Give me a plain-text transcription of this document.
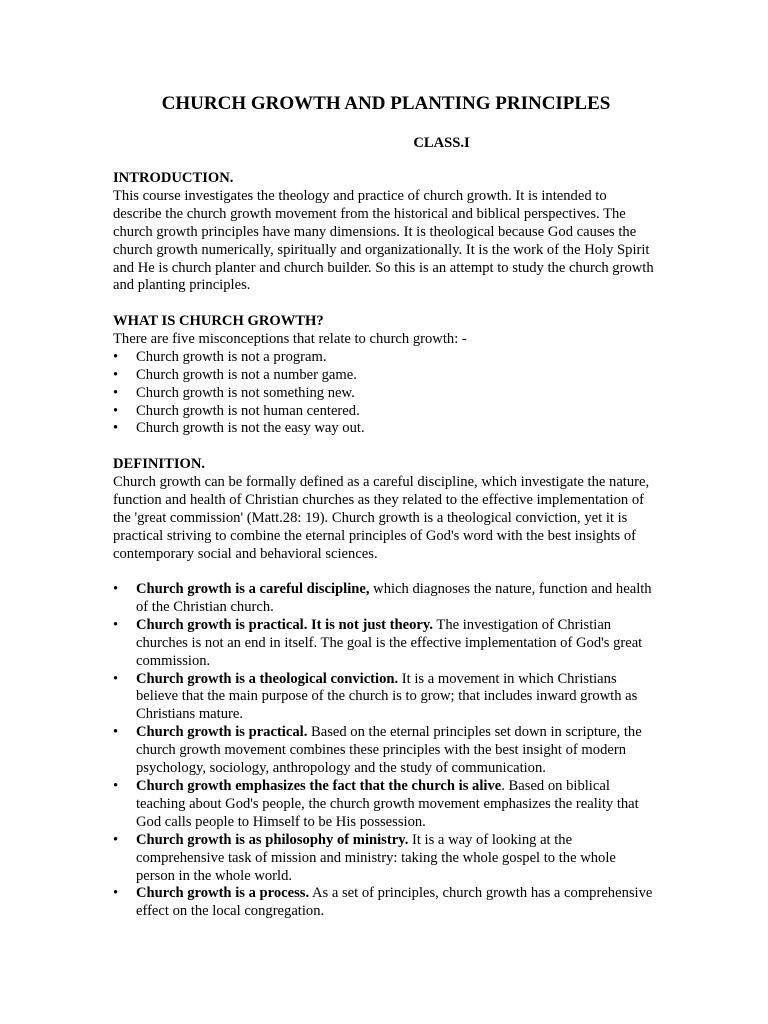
CHURCH GROWTH AND PLANTING PRINCIPLES
CLASS.I

INTRODUCTION.

This course investigates the theology and practice of church growth. It is intended to describe the church growth movement from the historical and biblical perspectives. The church growth principles have many dimensions. It is theological because God causes the church growth numerically, spiritually and organizationally. It is the work of the Holy Spirit and He is church planter and church builder. So this is an attempt to study the church growth and planting principles.

WHAT IS CHURCH GROWTH?

There are five misconceptions that relate to church growth: -

•	Church growth is not a program.
•	Church growth is not a number game.
•	Church growth is not something new.
•	Church growth is not human centered.
•	Church growth is not the easy way out.

DEFINITION.

Church growth can be formally defined as a careful discipline, which investigate the nature, function and health of Christian churches as they related to the effective implementation of the 'great commission' (Matt.28: 19). Church growth is a theological conviction, yet it is practical striving to combine the eternal principles of God's word with the best insights of contemporary social and behavioral sciences.

•	Church growth is a careful discipline, which diagnoses the nature, function and health of the Christian church.
•	Church growth is practical. It is not just theory. The investigation of Christian churches is not an end in itself. The goal is the effective implementation of God's great commission.
•	Church growth is a theological conviction. It is a movement in which Christians believe that the main purpose of the church is to grow; that includes inward growth as Christians mature.
•	Church growth is practical. Based on the eternal principles set down in scripture, the church growth movement combines these principles with the best insight of modern psychology, sociology, anthropology and the study of communication.
•	Church growth emphasizes the fact that the church is alive. Based on biblical teaching about God's people, the church growth movement emphasizes the reality that God calls people to Himself to be His possession.
•	Church growth is as philosophy of ministry. It is a way of looking at the comprehensive task of mission and ministry: taking the whole gospel to the whole person in the whole world.
•	Church growth is a process. As a set of principles, church growth has a comprehensive effect on the local congregation.
